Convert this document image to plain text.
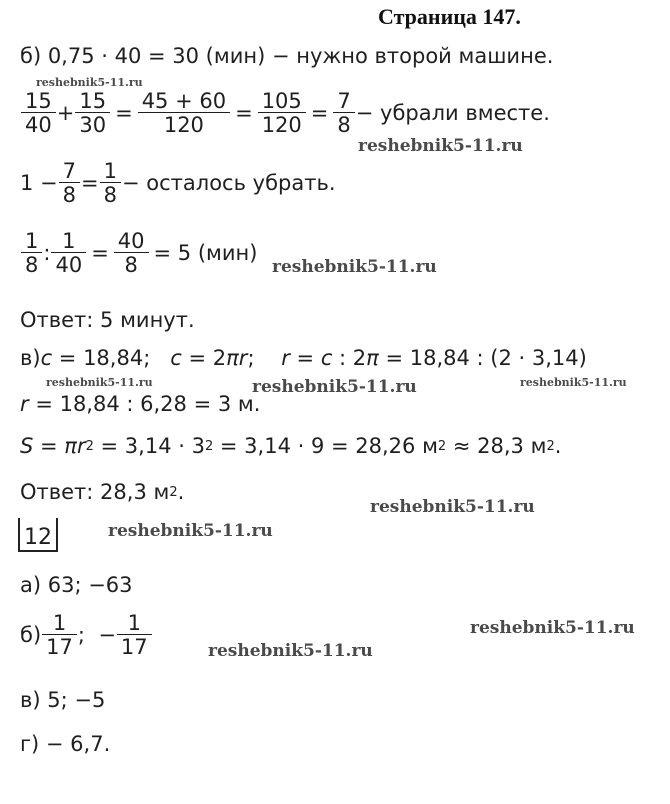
Страница 147.
б) 0,75 · 40 = 30 (мин) − нужно второй машине.
$\frac{15}{40} + \frac{15}{30} = \frac{45 + 60}{120} = \frac{105}{120} = \frac{7}{8}$ − убрали вместе.
$1 - \frac{7}{8} = \frac{1}{8}$ − осталось убрать.
$\frac{1}{8}$ : $\frac{1}{40} = \frac{40}{8} = 5$ (мин)
Ответ: 5 минут.
в) c = 18,84; c = 2 πr ; r = c : 2 π = 18,84 : (2 · 3,14)
r = 18,84 : 6,28 = 3 м.
S = πr 2 = 3,14 · 3 2 = 3,14 · 9 = 28,26 м 2 ≈ 28,3 м 2 .
Ответ: 28,3 м 2 .
12
а) 63; −63
$б) \frac{1}{17}$ ;  − $\frac{1}{17}$
в) 5; −5
г) − 6,7.
reshebnik5-11.ru
reshebnik5-11.ru
reshebnik5-11.ru
reshebnik5-11.ru	reshebnik5-11.ru	reshebnik5-11.ru
reshebnik5-11.ru
reshebnik5-11.ru
reshebnik5-11.ru
reshebnik5-11.ru
